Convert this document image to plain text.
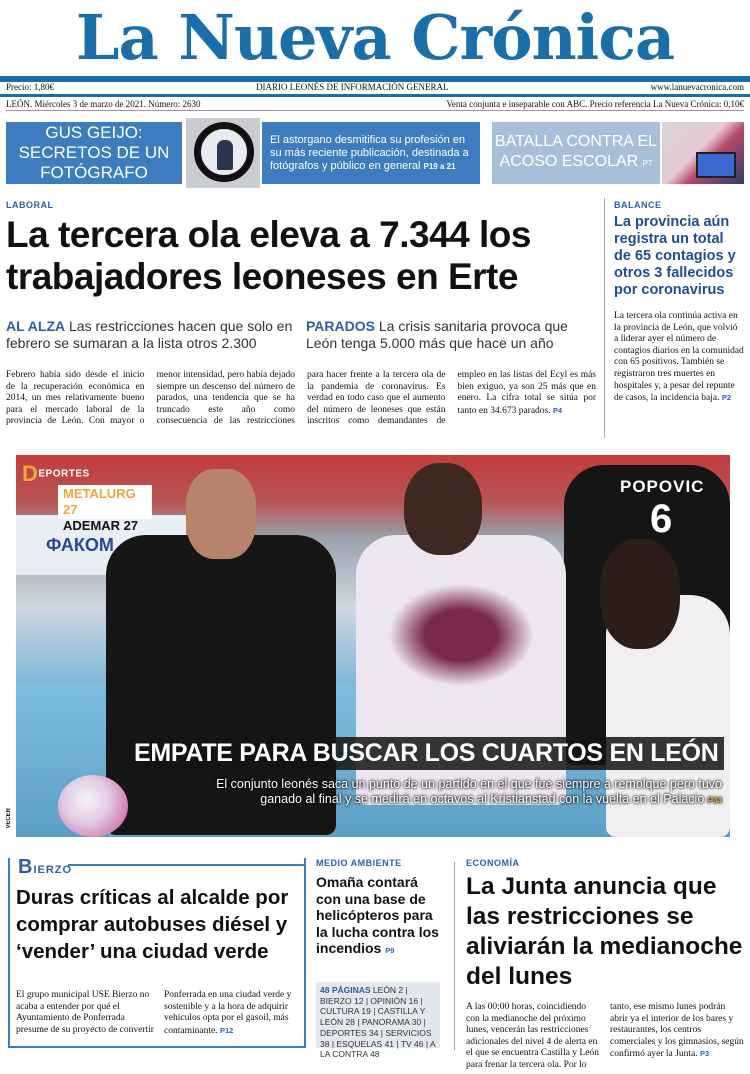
La Nueva Crónica
Precio: 1,80€	DIARIO LEONÉS DE INFORMACIÓN GENERAL	www.lanuevacronica.com
LEÓN. Miércoles 3 de marzo de 2021. Número: 2630	Venta conjunta e inseparable con ABC. Precio referencia La Nueva Crónica: 0,10€
GUS GEIJO: SECRETOS DE UN FOTÓGRAFO
El astorgano desmitifica su profesión en su más reciente publicación, destinada a fotógrafos y público en general P19 a 21
BATALLA CONTRA EL ACOSO ESCOLAR P7
LABORAL
La tercera ola eleva a 7.344 los trabajadores leoneses en Erte
AL ALZA Las restricciones hacen que solo en febrero se sumaran a la lista otros 2.300
PARADOS La crisis sanitaria provoca que León tenga 5.000 más que hace un año
Febrero había sido desde el inicio de la recuperación económica en 2014, un mes relativamente bueno para el mercado laboral de la provincia de León. Con mayor o menor intensidad, pero había dejado siempre un descenso del número de parados, una tendencia que se ha truncado este año como consecuencia de las restricciones para hacer frente a la tercera ola de la pandemia de coronavirus. Es verdad en todo caso que el aumento del número de leoneses que están inscritos como demandantes de empleo en las listas del Ecyl es más bien exiguo, ya son 25 más que en enero. La cifra total se sitúa por tanto en 34.673 parados. P4
BALANCE
La provincia aún registra un total de 65 contagios y otros 3 fallecidos por coronavirus

La tercera ola continúa activa en la provincia de León, que volvió a liderar ayer el número de contagios diarios en la comunidad con 65 positivos. También se registraron tres muertes en hospitales y, a pesar del repunte de casos, la incidencia baja. P2

ФАКОМ
POPOVIC
6
DEPORTES
METALURG 27
ADEMAR 27
EMPATE PARA BUSCAR LOS CUARTOS EN LEÓN
El conjunto leonés saca un punto de un partido en el que fue siempre a remolque pero tuvo ganado al final y se medirá en octavos al Kristianstad con la vuelta en el Palacio P34
VECER
BIERZO
Duras críticas al alcalde por comprar autobuses diésel y ‘vender’ una ciudad verde
El grupo municipal USE Bierzo no acaba a entender por qué el Ayuntamiento de Ponferrada presume de su proyecto de convertir Ponferrada en una ciudad verde y sostenible y a la hora de adquirir vehículos opta por el gasoil, más contaminante. P12
MEDIO AMBIENTE
Omaña contará con una base de helicópteros para la lucha contra los incendios P9
48 PÁGINAS LEÓN 2 | BIERZO 12 | OPINIÓN 16 | CULTURA 19 | CASTILLA Y LEÓN 28 | PANORAMA 30 | DEPORTES 34 | SERVICIOS 38 | ESQUELAS 41 | TV 46 | A LA CONTRA 48
ECONOMÍA
La Junta anuncia que las restricciones se aliviarán la medianoche del lunes
A las 00:00 horas, coincidiendo con la medianoche del próximo lunes, vencerán las restricciones adicionales del nivel 4 de alerta en el que se encuentra Castilla y León para frenar la tercera ola. Por lo tanto, ese mismo lunes podrán abrir ya el interior de los bares y restaurantes, los centros comerciales y los gimnasios, según confirmó ayer la Junta. P3
